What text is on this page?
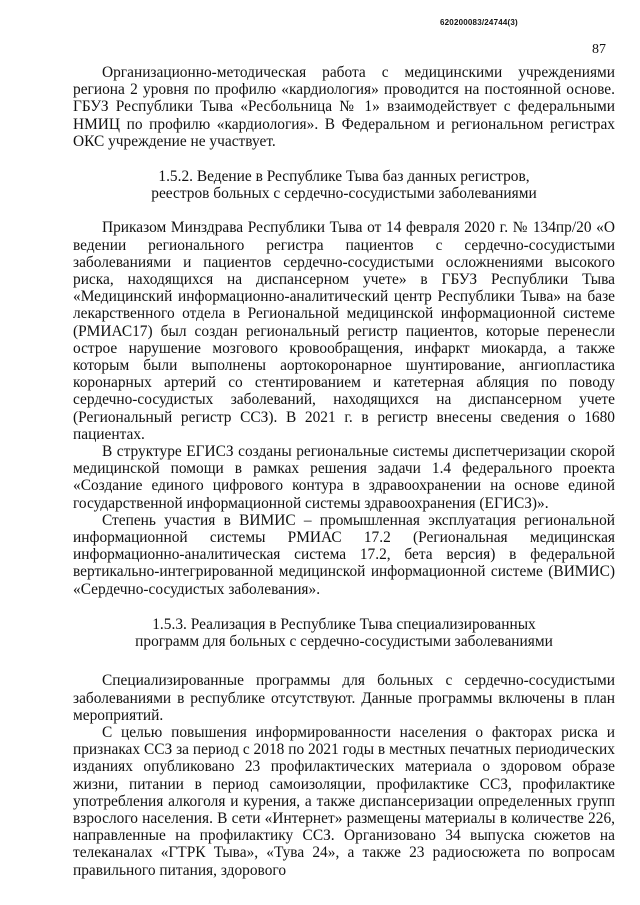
620200083/24744(3)
87

Организационно-методическая работа с медицинскими учреждениями региона 2 уровня по профилю «кардиология» проводится на постоянной основе. ГБУЗ Республики Тыва «Ресбольница № 1» взаимодействует с федеральными НМИЦ по профилю «кардиология». В Федеральном и региональном регистрах ОКС учреждение не участвует.

1.5.2. Ведение в Республике Тыва баз данных регистров,
реестров больных с сердечно-сосудистыми заболеваниями

Приказом Минздрава Республики Тыва от 14 февраля 2020 г. № 134пр/20 «О ведении регионального регистра пациентов с сердечно-сосудистыми заболеваниями и пациентов сердечно-сосудистыми осложнениями высокого риска, находящихся на диспансерном учете» в ГБУЗ Республики Тыва «Медицинский информационно-аналитический центр Республики Тыва» на базе лекарственного отдела в Региональной медицинской информационной системе (РМИАС17) был создан региональный регистр пациентов, которые перенесли острое нарушение мозгового кровообращения, инфаркт миокарда, а также которым были выполнены аортокоронарное шунтирование, ангиопластика коронарных артерий со стентированием и катетерная абляция по поводу сердечно-сосудистых заболеваний, находящихся на диспансерном учете (Региональный регистр ССЗ). В 2021 г. в регистр внесены сведения о 1680 пациентах.

В структуре ЕГИСЗ созданы региональные системы диспетчеризации скорой медицинской помощи в рамках решения задачи 1.4 федерального проекта «Создание единого цифрового контура в здравоохранении на основе единой государственной информационной системы здравоохранения (ЕГИСЗ)».

Степень участия в ВИМИС – промышленная эксплуатация региональной информационной системы РМИАС 17.2 (Региональная медицинская информационно-аналитическая система 17.2, бета версия) в федеральной вертикально-интегрированной медицинской информационной системе (ВИМИС) «Сердечно-сосудистых заболевания».

1.5.3. Реализация в Республике Тыва специализированных
программ для больных с сердечно-сосудистыми заболеваниями

Специализированные программы для больных с сердечно-сосудистыми заболеваниями в республике отсутствуют. Данные программы включены в план мероприятий.

С целью повышения информированности населения о факторах риска и признаках ССЗ за период с 2018 по 2021 годы в местных печатных периодических изданиях опубликовано 23 профилактических материала о здоровом образе жизни, питании в период самоизоляции, профилактике ССЗ, профилактике употребления алкоголя и курения, а также диспансеризации определенных групп взрослого населения. В сети «Интернет» размещены материалы в количестве 226, направленные на профилактику ССЗ. Организовано 34 выпуска сюжетов на телеканалах «ГТРК Тыва», «Тува 24», а также 23 радиосюжета по вопросам правильного питания, здорового
